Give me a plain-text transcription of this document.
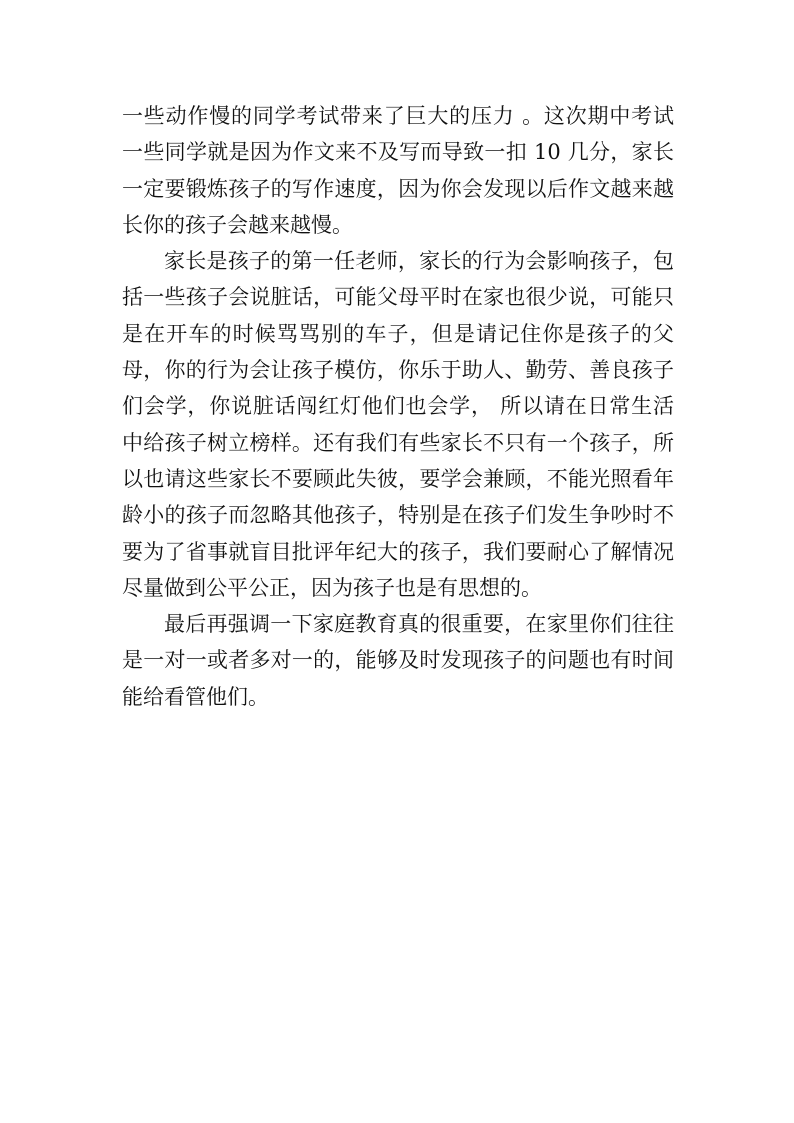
一些动作慢的同学考试带来了巨大的压力 。这次期中考试一些同学就是因为作文来不及写而导致一扣 10 几分，家长一定要锻炼孩子的写作速度，因为你会发现以后作文越来越长你的孩子会越来越慢。

家长是孩子的第一任老师，家长的行为会影响孩子，包括一些孩子会说脏话，可能父母平时在家也很少说，可能只是在开车的时候骂骂别的车子，但是请记住你是孩子的父母，你的行为会让孩子模仿，你乐于助人、勤劳、善良孩子们会学，你说脏话闯红灯他们也会学， 所以请在日常生活中给孩子树立榜样。还有我们有些家长不只有一个孩子，所以也请这些家长不要顾此失彼，要学会兼顾，不能光照看年龄小的孩子而忽略其他孩子，特别是在孩子们发生争吵时不要为了省事就盲目批评年纪大的孩子，我们要耐心了解情况尽量做到公平公正，因为孩子也是有思想的。

最后再强调一下家庭教育真的很重要，在家里你们往往是一对一或者多对一的，能够及时发现孩子的问题也有时间能给看管他们。
